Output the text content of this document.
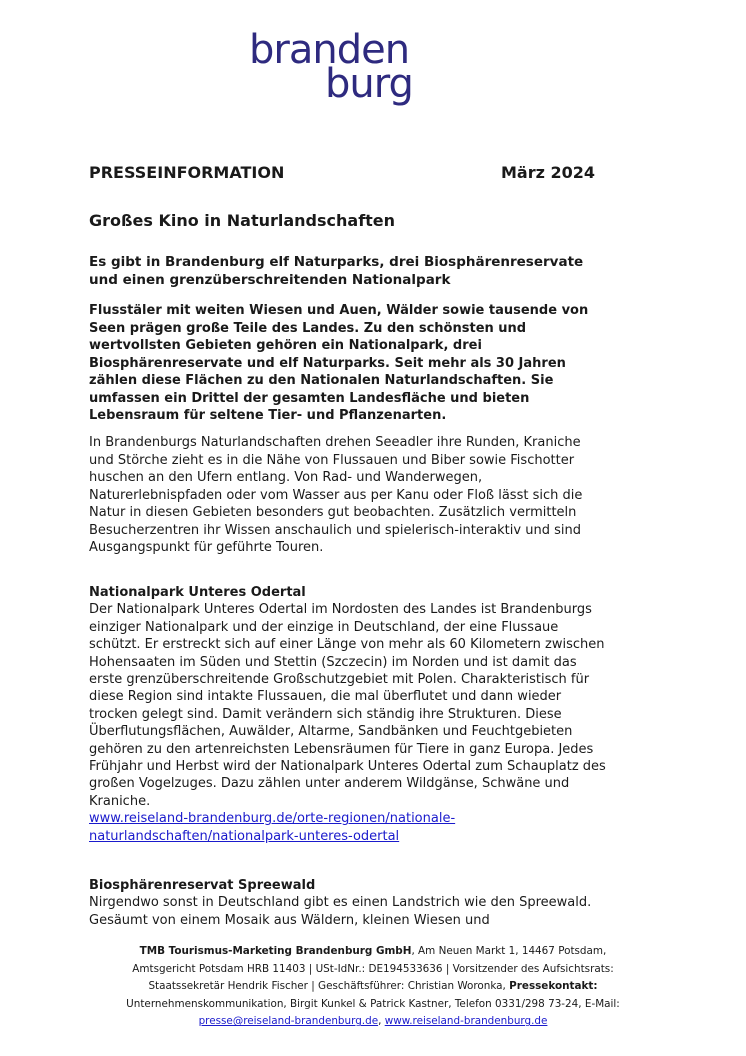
branden
burg
PRESSEINFORMATION	März 2024
Großes Kino in Naturlandschaften
Es gibt in Brandenburg elf Naturparks, drei Biosphärenreservate und einen grenzüberschreitenden Nationalpark
Flusstäler mit weiten Wiesen und Auen, Wälder sowie tausende von Seen prägen große Teile des Landes. Zu den schönsten und wertvollsten Gebieten gehören ein Nationalpark, drei Biosphärenreservate und elf Naturparks. Seit mehr als 30 Jahren zählen diese Flächen zu den Nationalen Naturlandschaften. Sie umfassen ein Drittel der gesamten Landesfläche und bieten Lebensraum für seltene Tier- und Pflanzenarten.
In Brandenburgs Naturlandschaften drehen Seeadler ihre Runden, Kraniche und Störche zieht es in die Nähe von Flussauen und Biber sowie Fischotter huschen an den Ufern entlang. Von Rad- und Wanderwegen, Naturerlebnispfaden oder vom Wasser aus per Kanu oder Floß lässt sich die Natur in diesen Gebieten besonders gut beobachten. Zusätzlich vermitteln Besucherzentren ihr Wissen anschaulich und spielerisch-interaktiv und sind Ausgangspunkt für geführte Touren.
Nationalpark Unteres Odertal
Der Nationalpark Unteres Odertal im Nordosten des Landes ist Brandenburgs einziger Nationalpark und der einzige in Deutschland, der eine Flussaue schützt. Er erstreckt sich auf einer Länge von mehr als 60 Kilometern zwischen Hohensaaten im Süden und Stettin (Szczecin) im Norden und ist damit das erste grenzüberschreitende Großschutzgebiet mit Polen. Charakteristisch für diese Region sind intakte Flussauen, die mal überflutet und dann wieder trocken gelegt sind. Damit verändern sich ständig ihre Strukturen. Diese Überflutungsflächen, Auwälder, Altarme, Sandbänken und Feuchtgebieten gehören zu den artenreichsten Lebensräumen für Tiere in ganz Europa. Jedes Frühjahr und Herbst wird der Nationalpark Unteres Odertal zum Schauplatz des großen Vogelzuges. Dazu zählen unter anderem Wildgänse, Schwäne und Kraniche.
www.reiseland-brandenburg.de/orte-regionen/nationale-naturlandschaften/nationalpark-unteres-odertal
Biosphärenreservat Spreewald
Nirgendwo sonst in Deutschland gibt es einen Landstrich wie den Spreewald. Gesäumt von einem Mosaik aus Wäldern, kleinen Wiesen und
TMB Tourismus-Marketing Brandenburg GmbH, Am Neuen Markt 1, 14467 Potsdam,
Amtsgericht Potsdam HRB 11403 | USt-IdNr.: DE194533636 | Vorsitzender des Aufsichtsrats:
Staatssekretär Hendrik Fischer | Geschäftsführer: Christian Woronka, Pressekontakt:
Unternehmenskommunikation, Birgit Kunkel & Patrick Kastner, Telefon 0331/298 73-24, E-Mail:
presse@reiseland-brandenburg.de, www.reiseland-brandenburg.de
